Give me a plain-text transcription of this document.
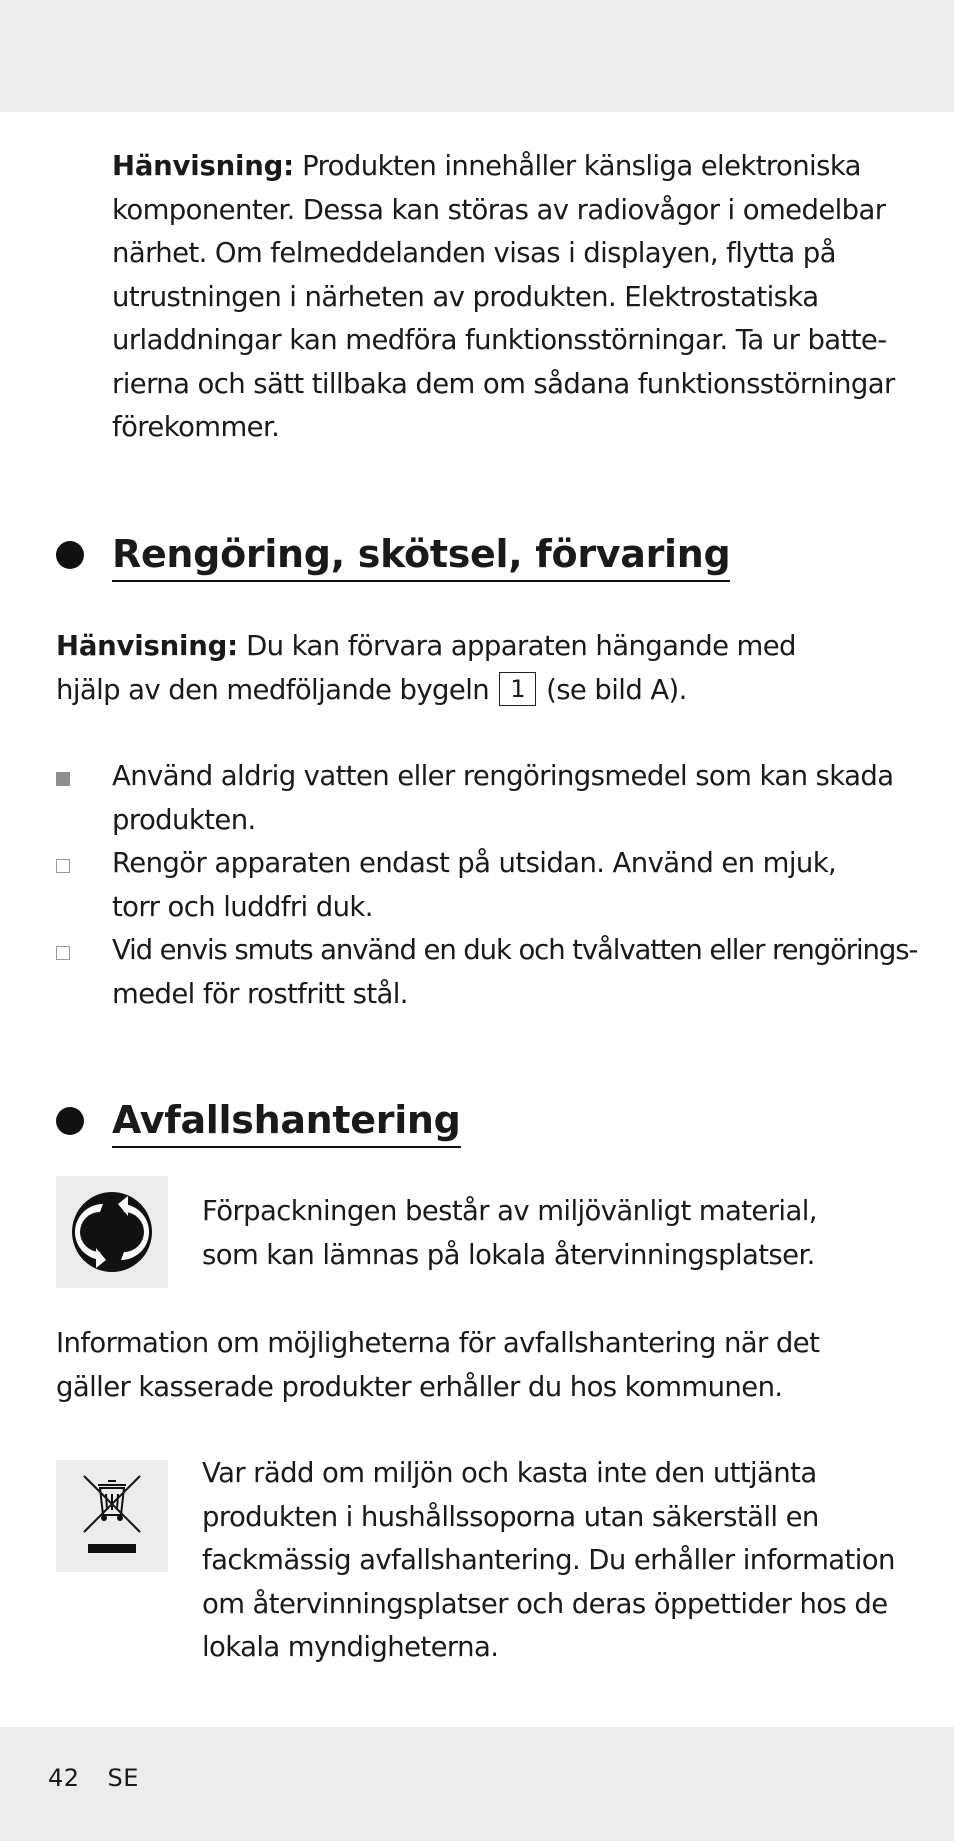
Hänvisning: Produkten innehåller känsliga elektroniska
komponenter. Dessa kan störas av radiovågor i omedelbar
närhet. Om felmeddelanden visas i displayen, flytta på
utrustningen i närheten av produkten. Elektrostatiska
urladdningar kan medföra funktionsstörningar. Ta ur batte-
rierna och sätt tillbaka dem om sådana funktionsstörningar
förekommer.
Rengöring, skötsel, förvaring
Hänvisning: Du kan förvara apparaten hängande med
hjälp av den medföljande bygeln 1 (se bild A).
Använd aldrig vatten eller rengöringsmedel som kan skada
produkten.
Rengör apparaten endast på utsidan. Använd en mjuk,
torr och luddfri duk.
Vid envis smuts använd en duk och tvålvatten eller rengörings-
medel för rostfritt stål.
Avfallshantering
Förpackningen består av miljövänligt material,
som kan lämnas på lokala återvinningsplatser.
Information om möjligheterna för avfallshantering när det
gäller kasserade produkter erhåller du hos kommunen.
Var rädd om miljön och kasta inte den uttjänta
produkten i hushållssoporna utan säkerställ en
fackmässig avfallshantering. Du erhåller information
om återvinningsplatser och deras öppettider hos de
lokala myndigheterna.
42 SE
